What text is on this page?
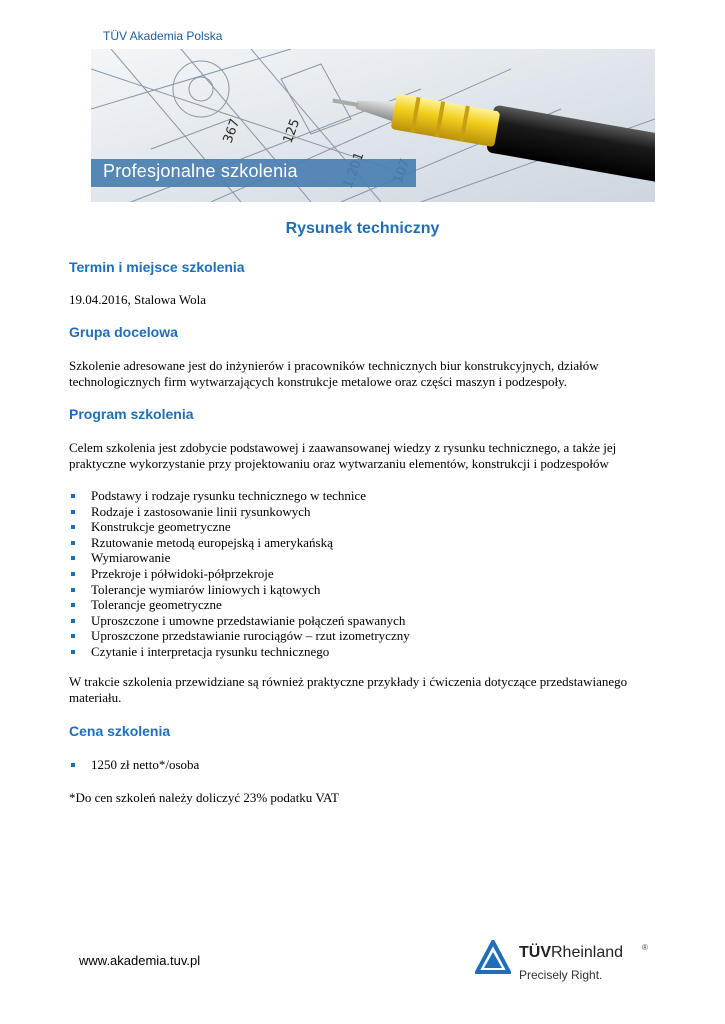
TÜV Akademia Polska
125
367
Profesjonalne szkolenia
Rysunek techniczny
Termin i miejsce szkolenia
19.04.2016, Stalowa Wola
Grupa docelowa
Szkolenie adresowane jest do inżynierów i pracowników technicznych biur konstrukcyjnych, działów technologicznych firm wytwarzających konstrukcje metalowe oraz części maszyn i podzespoły.
Program szkolenia
Celem szkolenia jest zdobycie podstawowej i zaawansowanej wiedzy z rysunku technicznego, a także jej praktyczne wykorzystanie przy projektowaniu oraz wytwarzaniu elementów, konstrukcji i podzespołów
Podstawy i rodzaje rysunku technicznego w technice
Rodzaje i zastosowanie linii rysunkowych
Konstrukcje geometryczne
Rzutowanie metodą europejską i amerykańską
Wymiarowanie
Przekroje i półwidoki-półprzekroje
Tolerancje wymiarów liniowych i kątowych
Tolerancje geometryczne
Uproszczone i umowne przedstawianie połączeń spawanych
Uproszczone przedstawianie rurociągów – rzut izometryczny
Czytanie i interpretacja rysunku technicznego
W trakcie szkolenia przewidziane są również praktyczne przykłady i ćwiczenia dotyczące przedstawianego materiału.
Cena szkolenia
1250 zł netto*/osoba
*Do cen szkoleń należy doliczyć 23% podatku VAT
www.akademia.tuv.pl	TÜVRheinland ®
Precisely Right.
